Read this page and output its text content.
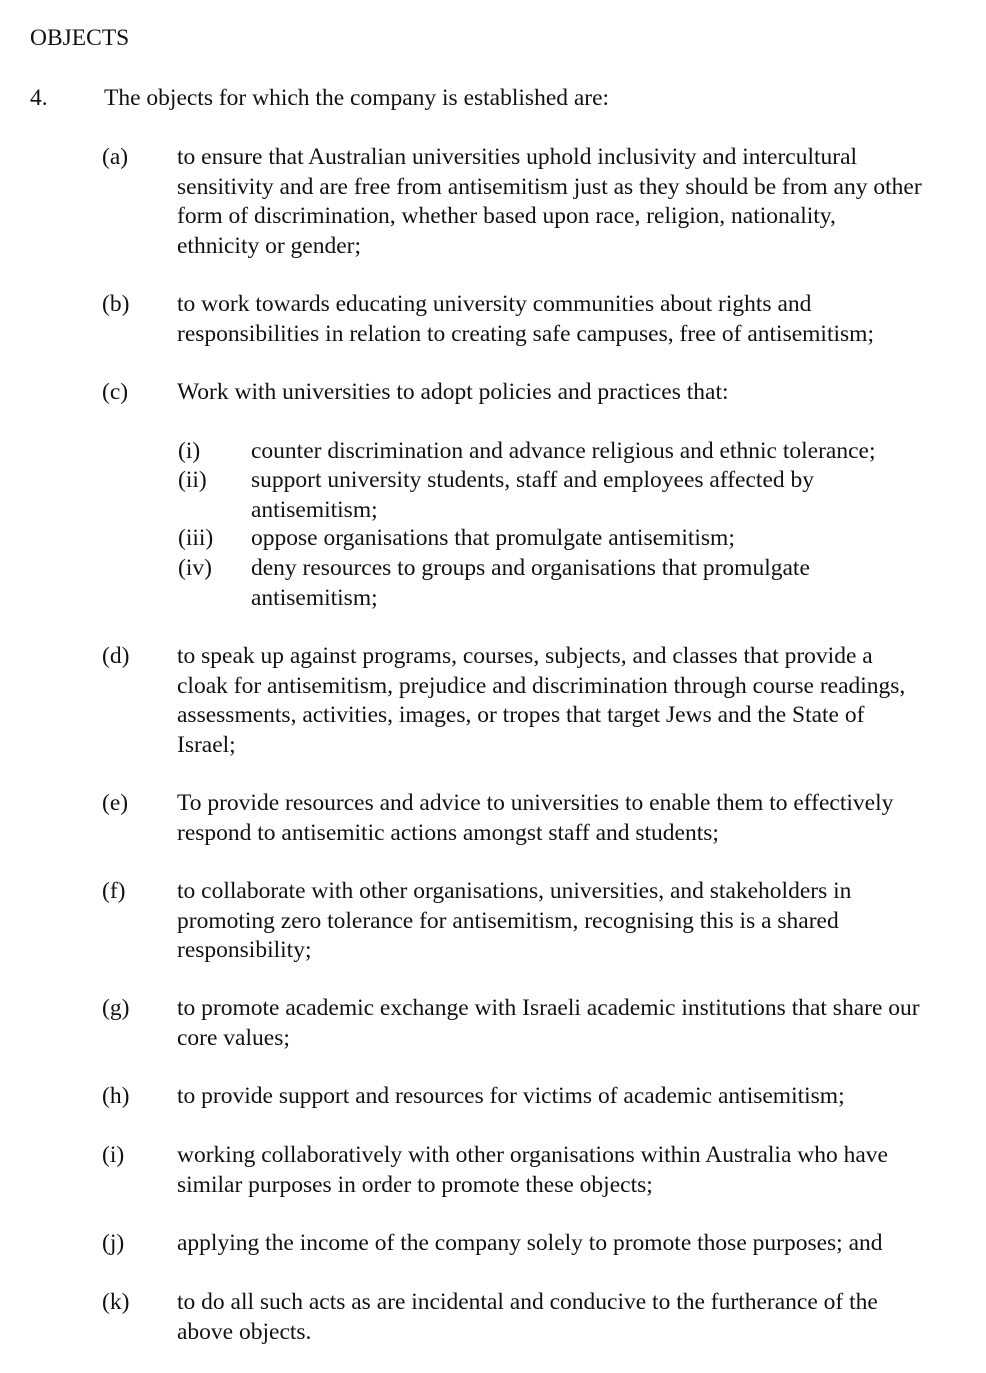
OBJECTS
4. The objects for which the company is established are:
(a) to ensure that Australian universities uphold inclusivity and intercultural
sensitivity and are free from antisemitism just as they should be from any other
form of discrimination, whether based upon race, religion, nationality,
ethnicity or gender;
(b) to work towards educating university communities about rights and
responsibilities in relation to creating safe campuses, free of antisemitism;
(c) Work with universities to adopt policies and practices that:
(i) counter discrimination and advance religious and ethnic tolerance;
(ii) support university students, staff and employees affected by
antisemitism;
(iii) oppose organisations that promulgate antisemitism;
(iv) deny resources to groups and organisations that promulgate
antisemitism;
(d) to speak up against programs, courses, subjects, and classes that provide a
cloak for antisemitism, prejudice and discrimination through course readings,
assessments, activities, images, or tropes that target Jews and the State of
Israel;
(e) To provide resources and advice to universities to enable them to effectively
respond to antisemitic actions amongst staff and students;
(f) to collaborate with other organisations, universities, and stakeholders in
promoting zero tolerance for antisemitism, recognising this is a shared
responsibility;
(g) to promote academic exchange with Israeli academic institutions that share our
core values;
(h) to provide support and resources for victims of academic antisemitism;
(i) working collaboratively with other organisations within Australia who have
similar purposes in order to promote these objects;
(j) applying the income of the company solely to promote those purposes; and
(k) to do all such acts as are incidental and conducive to the furtherance of the
above objects.
